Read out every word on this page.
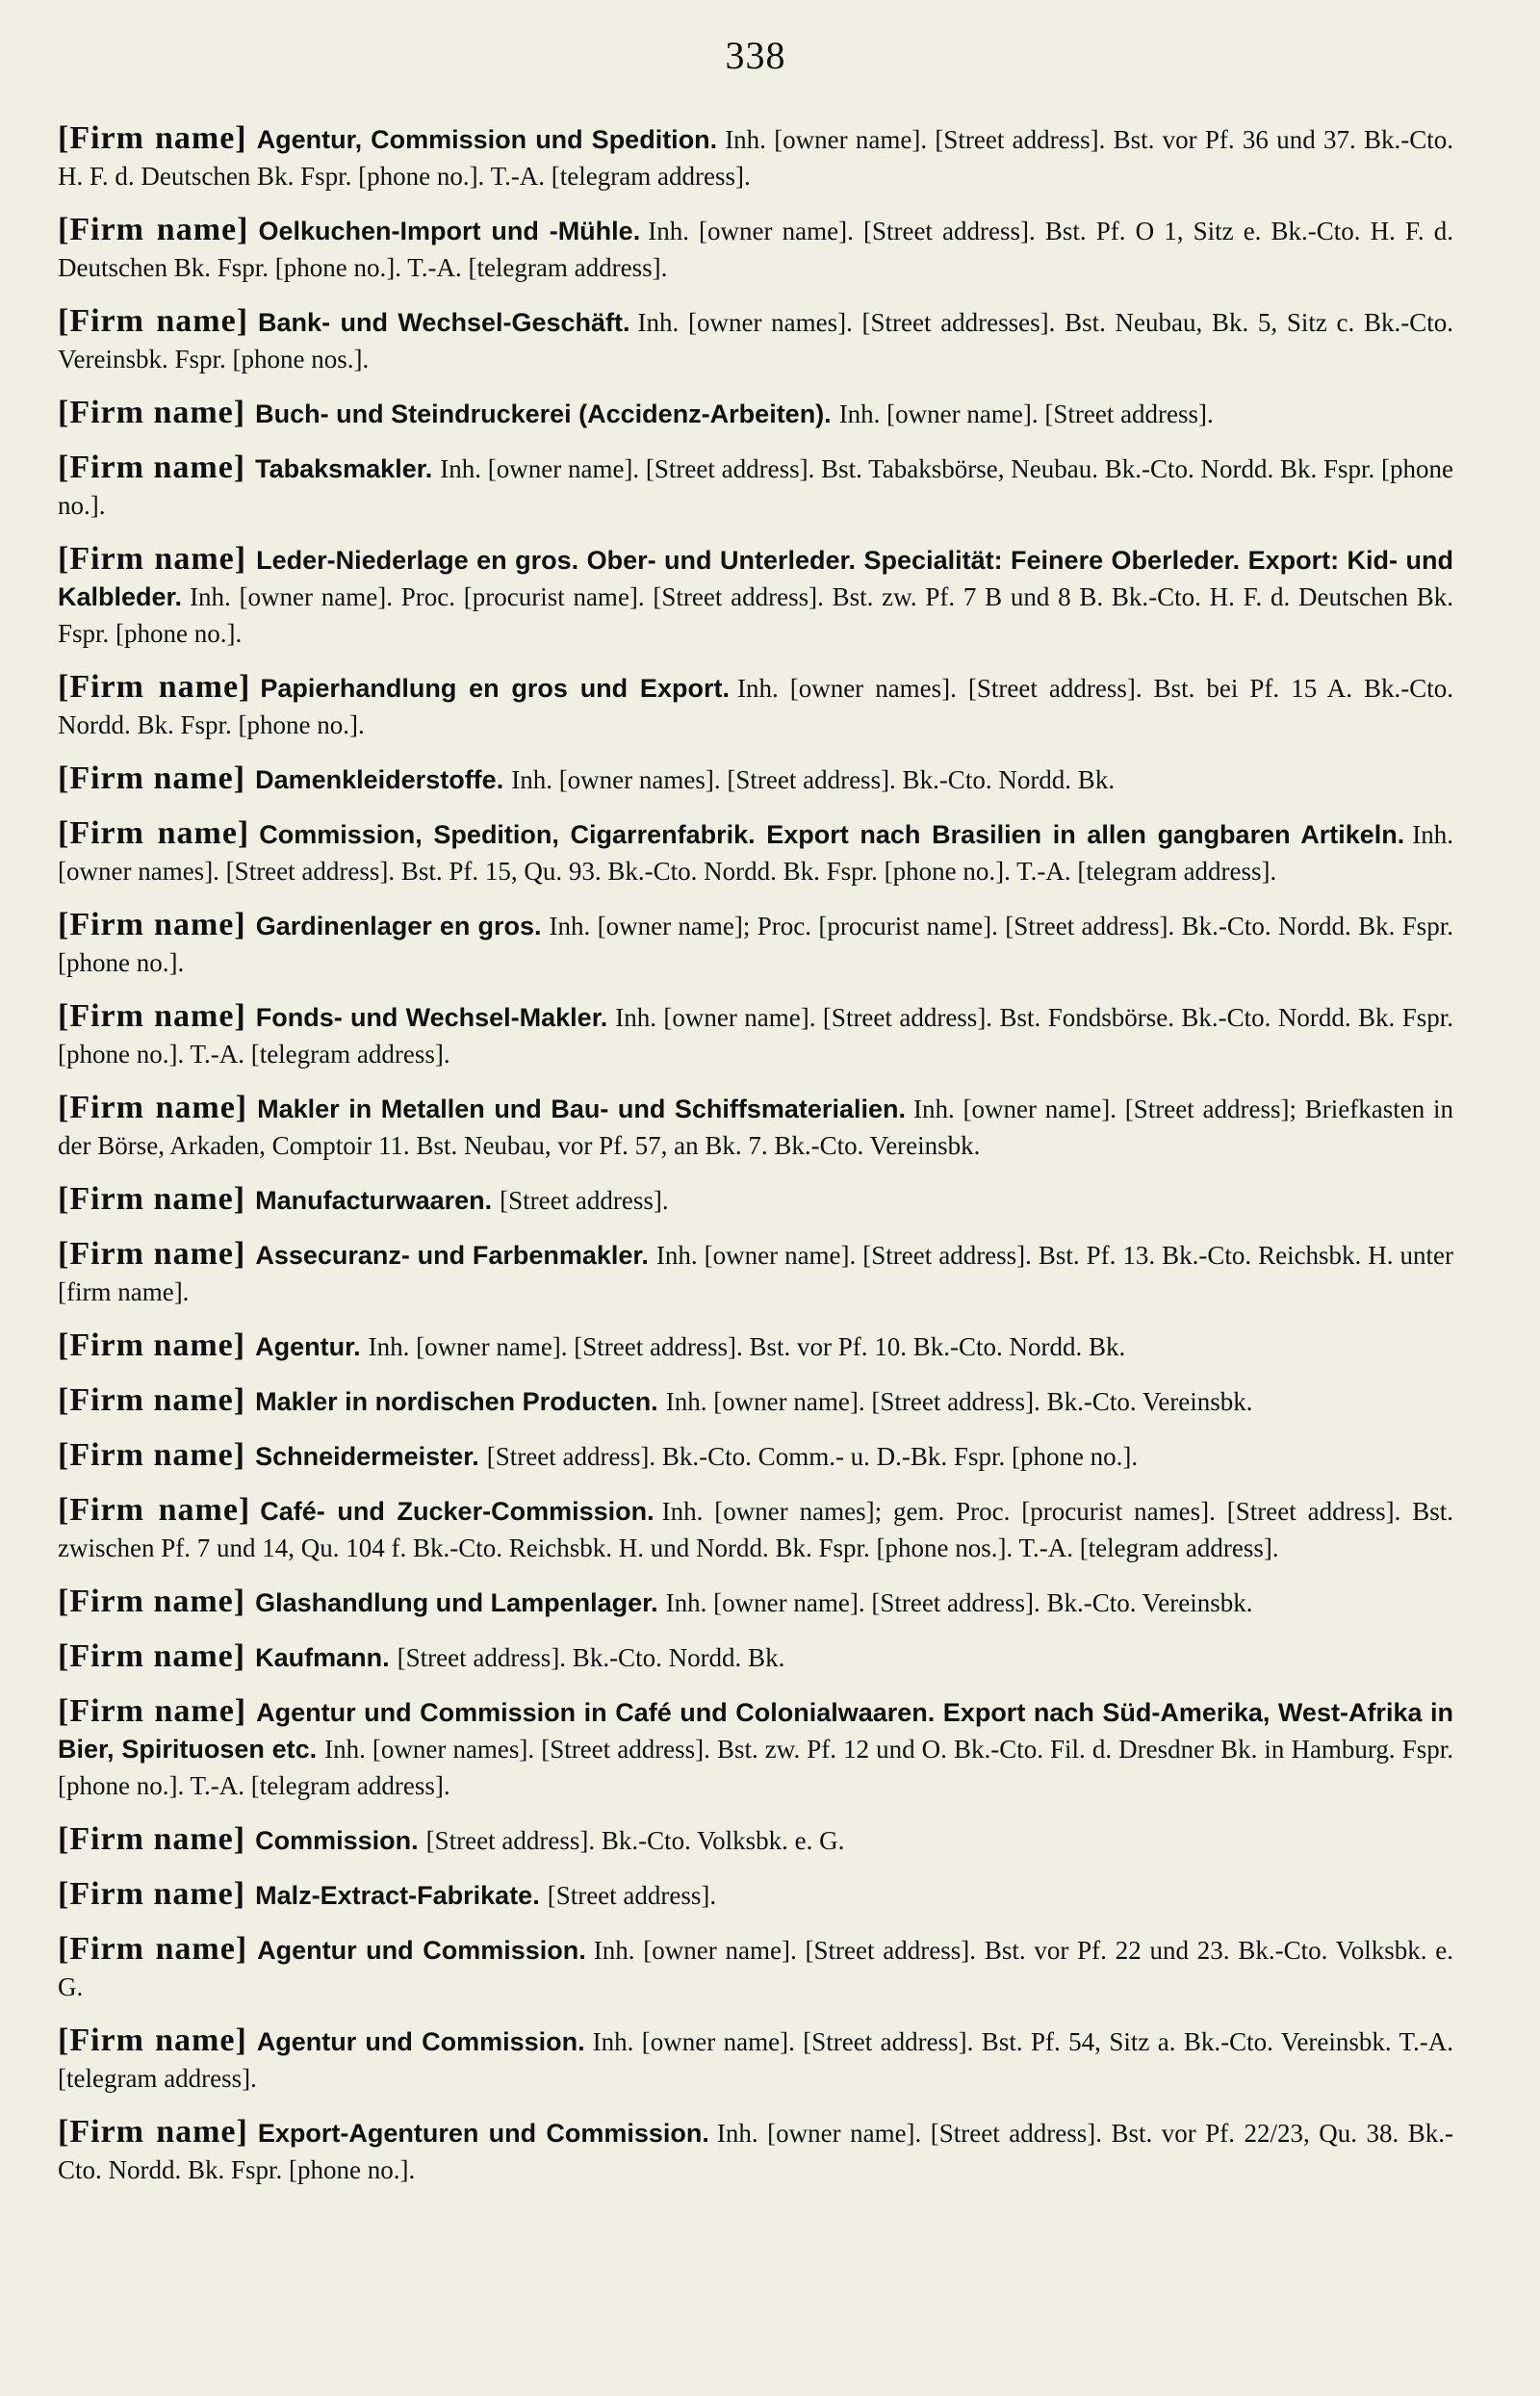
338

[Firm name] Agentur, Commission und Spedition. Inh. [owner name]. [Street address]. Bst. vor Pf. 36 und 37. Bk.-Cto. H. F. d. Deutschen Bk. Fspr. [phone no.]. T.-A. [telegram address].

[Firm name] Oelkuchen-Import und -Mühle. Inh. [owner name]. [Street address]. Bst. Pf. O 1, Sitz e. Bk.-Cto. H. F. d. Deutschen Bk. Fspr. [phone no.]. T.-A. [telegram address].

[Firm name] Bank- und Wechsel-Geschäft. Inh. [owner names]. [Street addresses]. Bst. Neubau, Bk. 5, Sitz c. Bk.-Cto. Vereinsbk. Fspr. [phone nos.].

[Firm name] Buch- und Steindruckerei (Accidenz-Arbeiten). Inh. [owner name]. [Street address].

[Firm name] Tabaksmakler. Inh. [owner name]. [Street address]. Bst. Tabaksbörse, Neubau. Bk.-Cto. Nordd. Bk. Fspr. [phone no.].

[Firm name] Leder-Niederlage en gros. Ober- und Unterleder. Specialität: Feinere Oberleder. Export: Kid- und Kalbleder. Inh. [owner name]. Proc. [procurist name]. [Street address]. Bst. zw. Pf. 7 B und 8 B. Bk.-Cto. H. F. d. Deutschen Bk. Fspr. [phone no.].

[Firm name] Papierhandlung en gros und Export. Inh. [owner names]. [Street address]. Bst. bei Pf. 15 A. Bk.-Cto. Nordd. Bk. Fspr. [phone no.].

[Firm name] Damenkleiderstoffe. Inh. [owner names]. [Street address]. Bk.-Cto. Nordd. Bk.

[Firm name] Commission, Spedition, Cigarrenfabrik. Export nach Brasilien in allen gangbaren Artikeln. Inh. [owner names]. [Street address]. Bst. Pf. 15, Qu. 93. Bk.-Cto. Nordd. Bk. Fspr. [phone no.]. T.-A. [telegram address].

[Firm name] Gardinenlager en gros. Inh. [owner name]; Proc. [procurist name]. [Street address]. Bk.-Cto. Nordd. Bk. Fspr. [phone no.].

[Firm name] Fonds- und Wechsel-Makler. Inh. [owner name]. [Street address]. Bst. Fondsbörse. Bk.-Cto. Nordd. Bk. Fspr. [phone no.]. T.-A. [telegram address].

[Firm name] Makler in Metallen und Bau- und Schiffsmaterialien. Inh. [owner name]. [Street address]; Briefkasten in der Börse, Arkaden, Comptoir 11. Bst. Neubau, vor Pf. 57, an Bk. 7. Bk.-Cto. Vereinsbk.

[Firm name] Manufacturwaaren. [Street address].

[Firm name] Assecuranz- und Farbenmakler. Inh. [owner name]. [Street address]. Bst. Pf. 13. Bk.-Cto. Reichsbk. H. unter [firm name].

[Firm name] Agentur. Inh. [owner name]. [Street address]. Bst. vor Pf. 10. Bk.-Cto. Nordd. Bk.

[Firm name] Makler in nordischen Producten. Inh. [owner name]. [Street address]. Bk.-Cto. Vereinsbk.

[Firm name] Schneidermeister. [Street address]. Bk.-Cto. Comm.- u. D.-Bk. Fspr. [phone no.].

[Firm name] Café- und Zucker-Commission. Inh. [owner names]; gem. Proc. [procurist names]. [Street address]. Bst. zwischen Pf. 7 und 14, Qu. 104 f. Bk.-Cto. Reichsbk. H. und Nordd. Bk. Fspr. [phone nos.]. T.-A. [telegram address].

[Firm name] Glashandlung und Lampenlager. Inh. [owner name]. [Street address]. Bk.-Cto. Vereinsbk.

[Firm name] Kaufmann. [Street address]. Bk.-Cto. Nordd. Bk.

[Firm name] Agentur und Commission in Café und Colonialwaaren. Export nach Süd-Amerika, West-Afrika in Bier, Spirituosen etc. Inh. [owner names]. [Street address]. Bst. zw. Pf. 12 und O. Bk.-Cto. Fil. d. Dresdner Bk. in Hamburg. Fspr. [phone no.]. T.-A. [telegram address].

[Firm name] Commission. [Street address]. Bk.-Cto. Volksbk. e. G.

[Firm name] Malz-Extract-Fabrikate. [Street address].

[Firm name] Agentur und Commission. Inh. [owner name]. [Street address]. Bst. vor Pf. 22 und 23. Bk.-Cto. Volksbk. e. G.

[Firm name] Agentur und Commission. Inh. [owner name]. [Street address]. Bst. Pf. 54, Sitz a. Bk.-Cto. Vereinsbk. T.-A. [telegram address].

[Firm name] Export-Agenturen und Commission. Inh. [owner name]. [Street address]. Bst. vor Pf. 22/23, Qu. 38. Bk.-Cto. Nordd. Bk. Fspr. [phone no.].
